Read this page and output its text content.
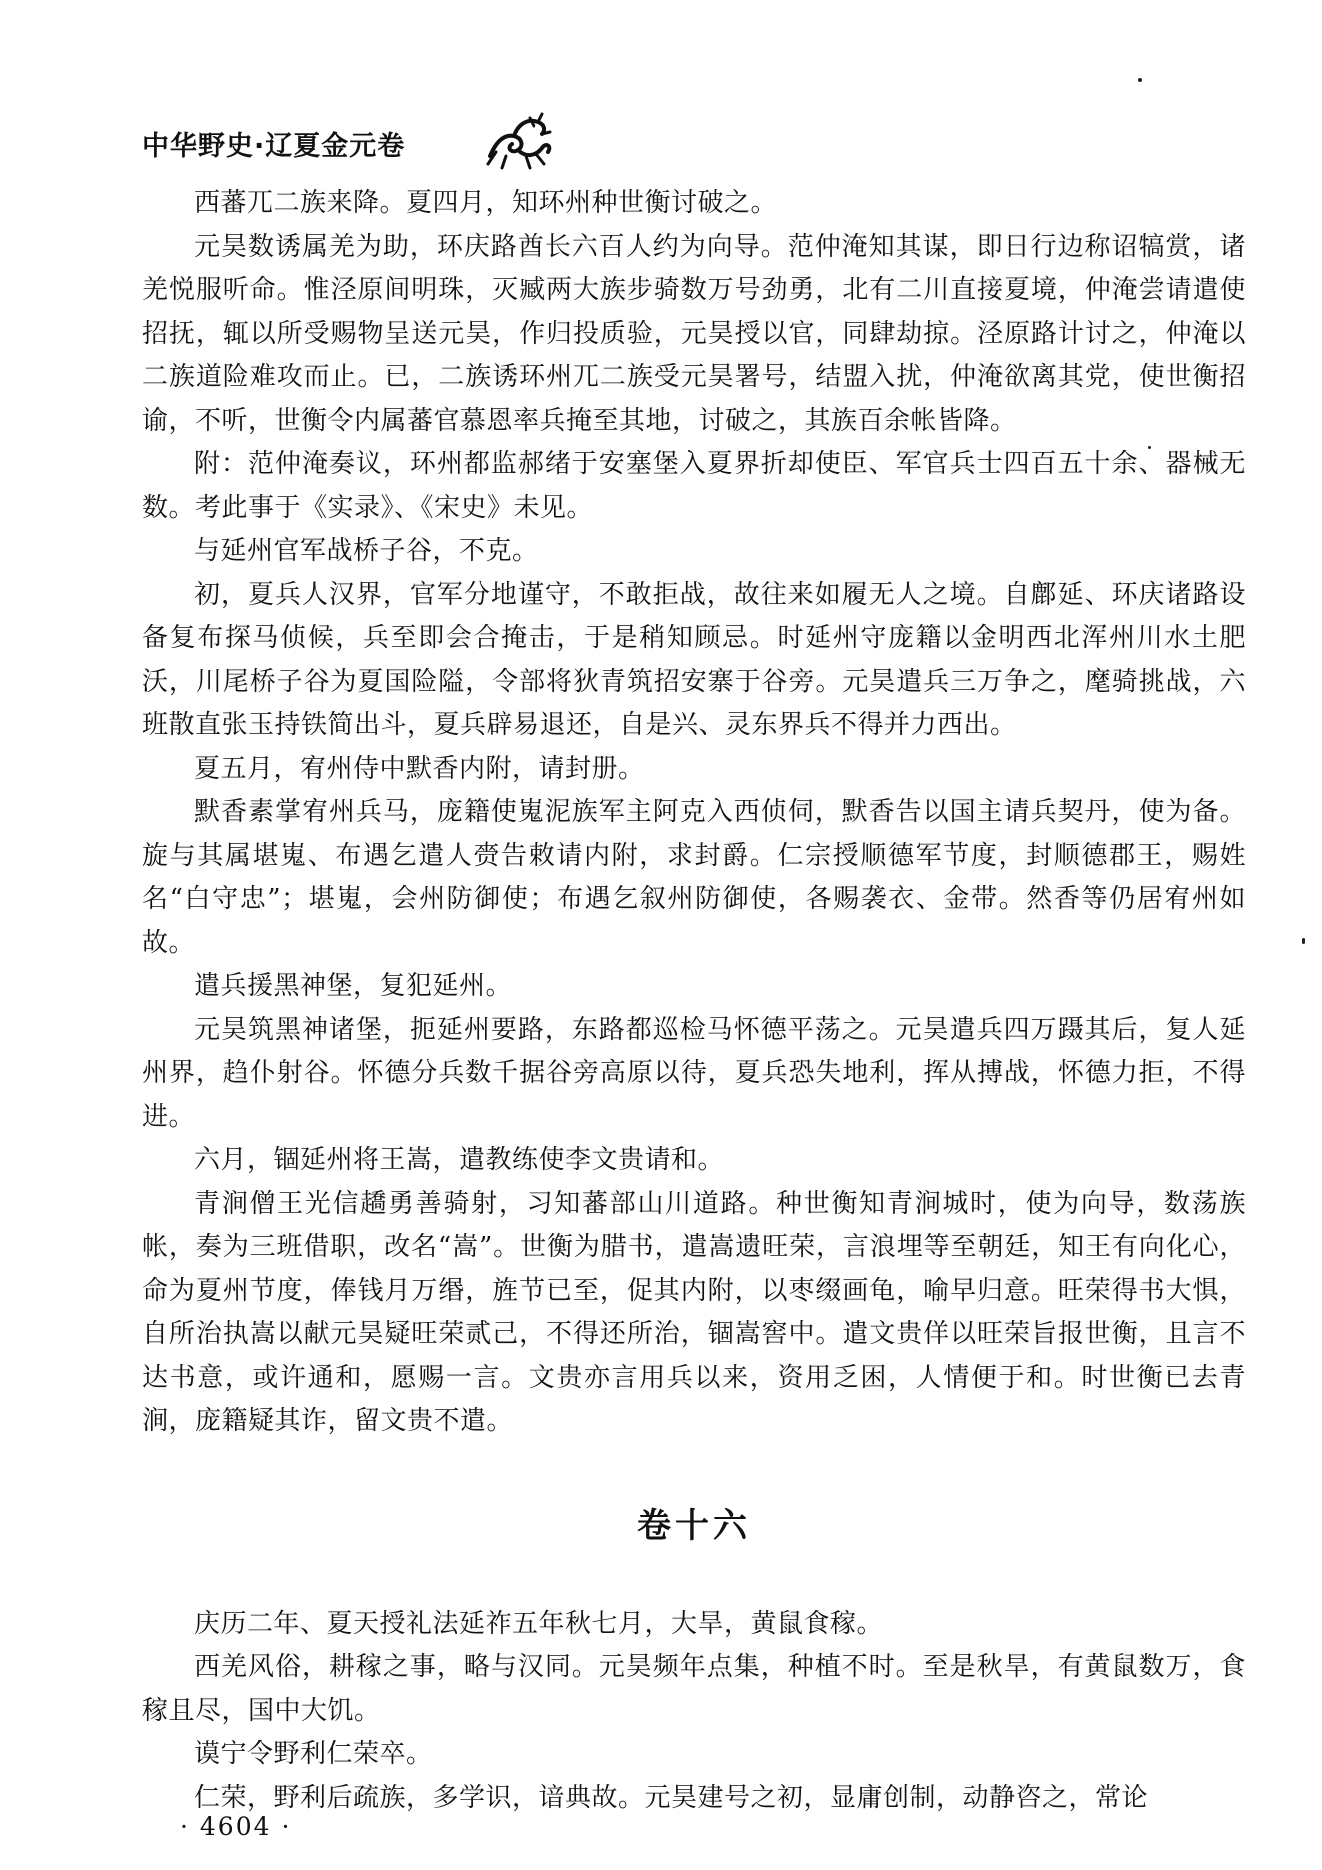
中华野史·辽夏金元卷

西蕃兀二族来降。夏四月，知环州种世衡讨破之。

元昊数诱属羌为助，环庆路酋长六百人约为向导。范仲淹知其谋，即日行边称诏犒赏，诸羌悦服听命。惟泾原间明珠，灭臧两大族步骑数万号劲勇，北有二川直接夏境，仲淹尝请遣使招抚，辄以所受赐物呈送元昊，作归投质验，元昊授以官，同肆劫掠。泾原路计讨之，仲淹以二族道险难攻而止。已，二族诱环州兀二族受元昊署号，结盟入扰，仲淹欲离其党，使世衡招谕，不听，世衡令内属蕃官慕恩率兵掩至其地，讨破之，其族百余帐皆降。

附：范仲淹奏议，环州都监郝绪于安塞堡入夏界折却使臣、军官兵士四百五十余、器械无数。考此事于《实录》、《宋史》未见。

与延州官军战桥子谷，不克。

初，夏兵人汉界，官军分地谨守，不敢拒战，故往来如履无人之境。自鄜延、环庆诸路设备复布探马侦候，兵至即会合掩击，于是稍知顾忌。时延州守庞籍以金明西北浑州川水土肥沃，川尾桥子谷为夏国险隘，令部将狄青筑招安寨于谷旁。元昊遣兵三万争之，麾骑挑战，六班散直张玉持铁简出斗，夏兵辟易退还，自是兴、灵东界兵不得并力西出。

夏五月，宥州侍中默香内附，请封册。

默香素掌宥州兵马，庞籍使嵬泥族军主阿克入西侦伺，默香告以国主请兵契丹，使为备。旋与其属堪嵬、布遇乞遣人赍告敕请内附，求封爵。仁宗授顺德军节度，封顺德郡王，赐姓名“白守忠”；堪嵬，会州防御使；布遇乞叙州防御使，各赐袭衣、金带。然香等仍居宥州如故。

遣兵援黑神堡，复犯延州。

元昊筑黑神诸堡，扼延州要路，东路都巡检马怀德平荡之。元昊遣兵四万蹑其后，复人延州界，趋仆射谷。怀德分兵数千据谷旁高原以待，夏兵恐失地利，挥从搏战，怀德力拒，不得进。

六月，锢延州将王嵩，遣教练使李文贵请和。

青涧僧王光信趫勇善骑射，习知蕃部山川道路。种世衡知青涧城时，使为向导，数荡族帐，奏为三班借职，改名“嵩”。世衡为腊书，遣嵩遗旺荣，言浪埋等至朝廷，知王有向化心，命为夏州节度，俸钱月万缗，旌节已至，促其内附，以枣缀画龟，喻早归意。旺荣得书大惧，自所治执嵩以献元昊疑旺荣贰己，不得还所治，锢嵩窖中。遣文贵佯以旺荣旨报世衡，且言不达书意，或许通和，愿赐一言。文贵亦言用兵以来，资用乏困，人情便于和。时世衡已去青涧，庞籍疑其诈，留文贵不遣。

卷十六

庆历二年、夏天授礼法延祚五年秋七月，大旱，黄鼠食稼。

西羌风俗，耕稼之事，略与汉同。元昊频年点集，种植不时。至是秋旱，有黄鼠数万，食稼且尽，国中大饥。

谟宁令野利仁荣卒。

仁荣，野利后疏族，多学识，谙典故。元昊建号之初，显庸创制，动静咨之，常论

· 4604 ·
